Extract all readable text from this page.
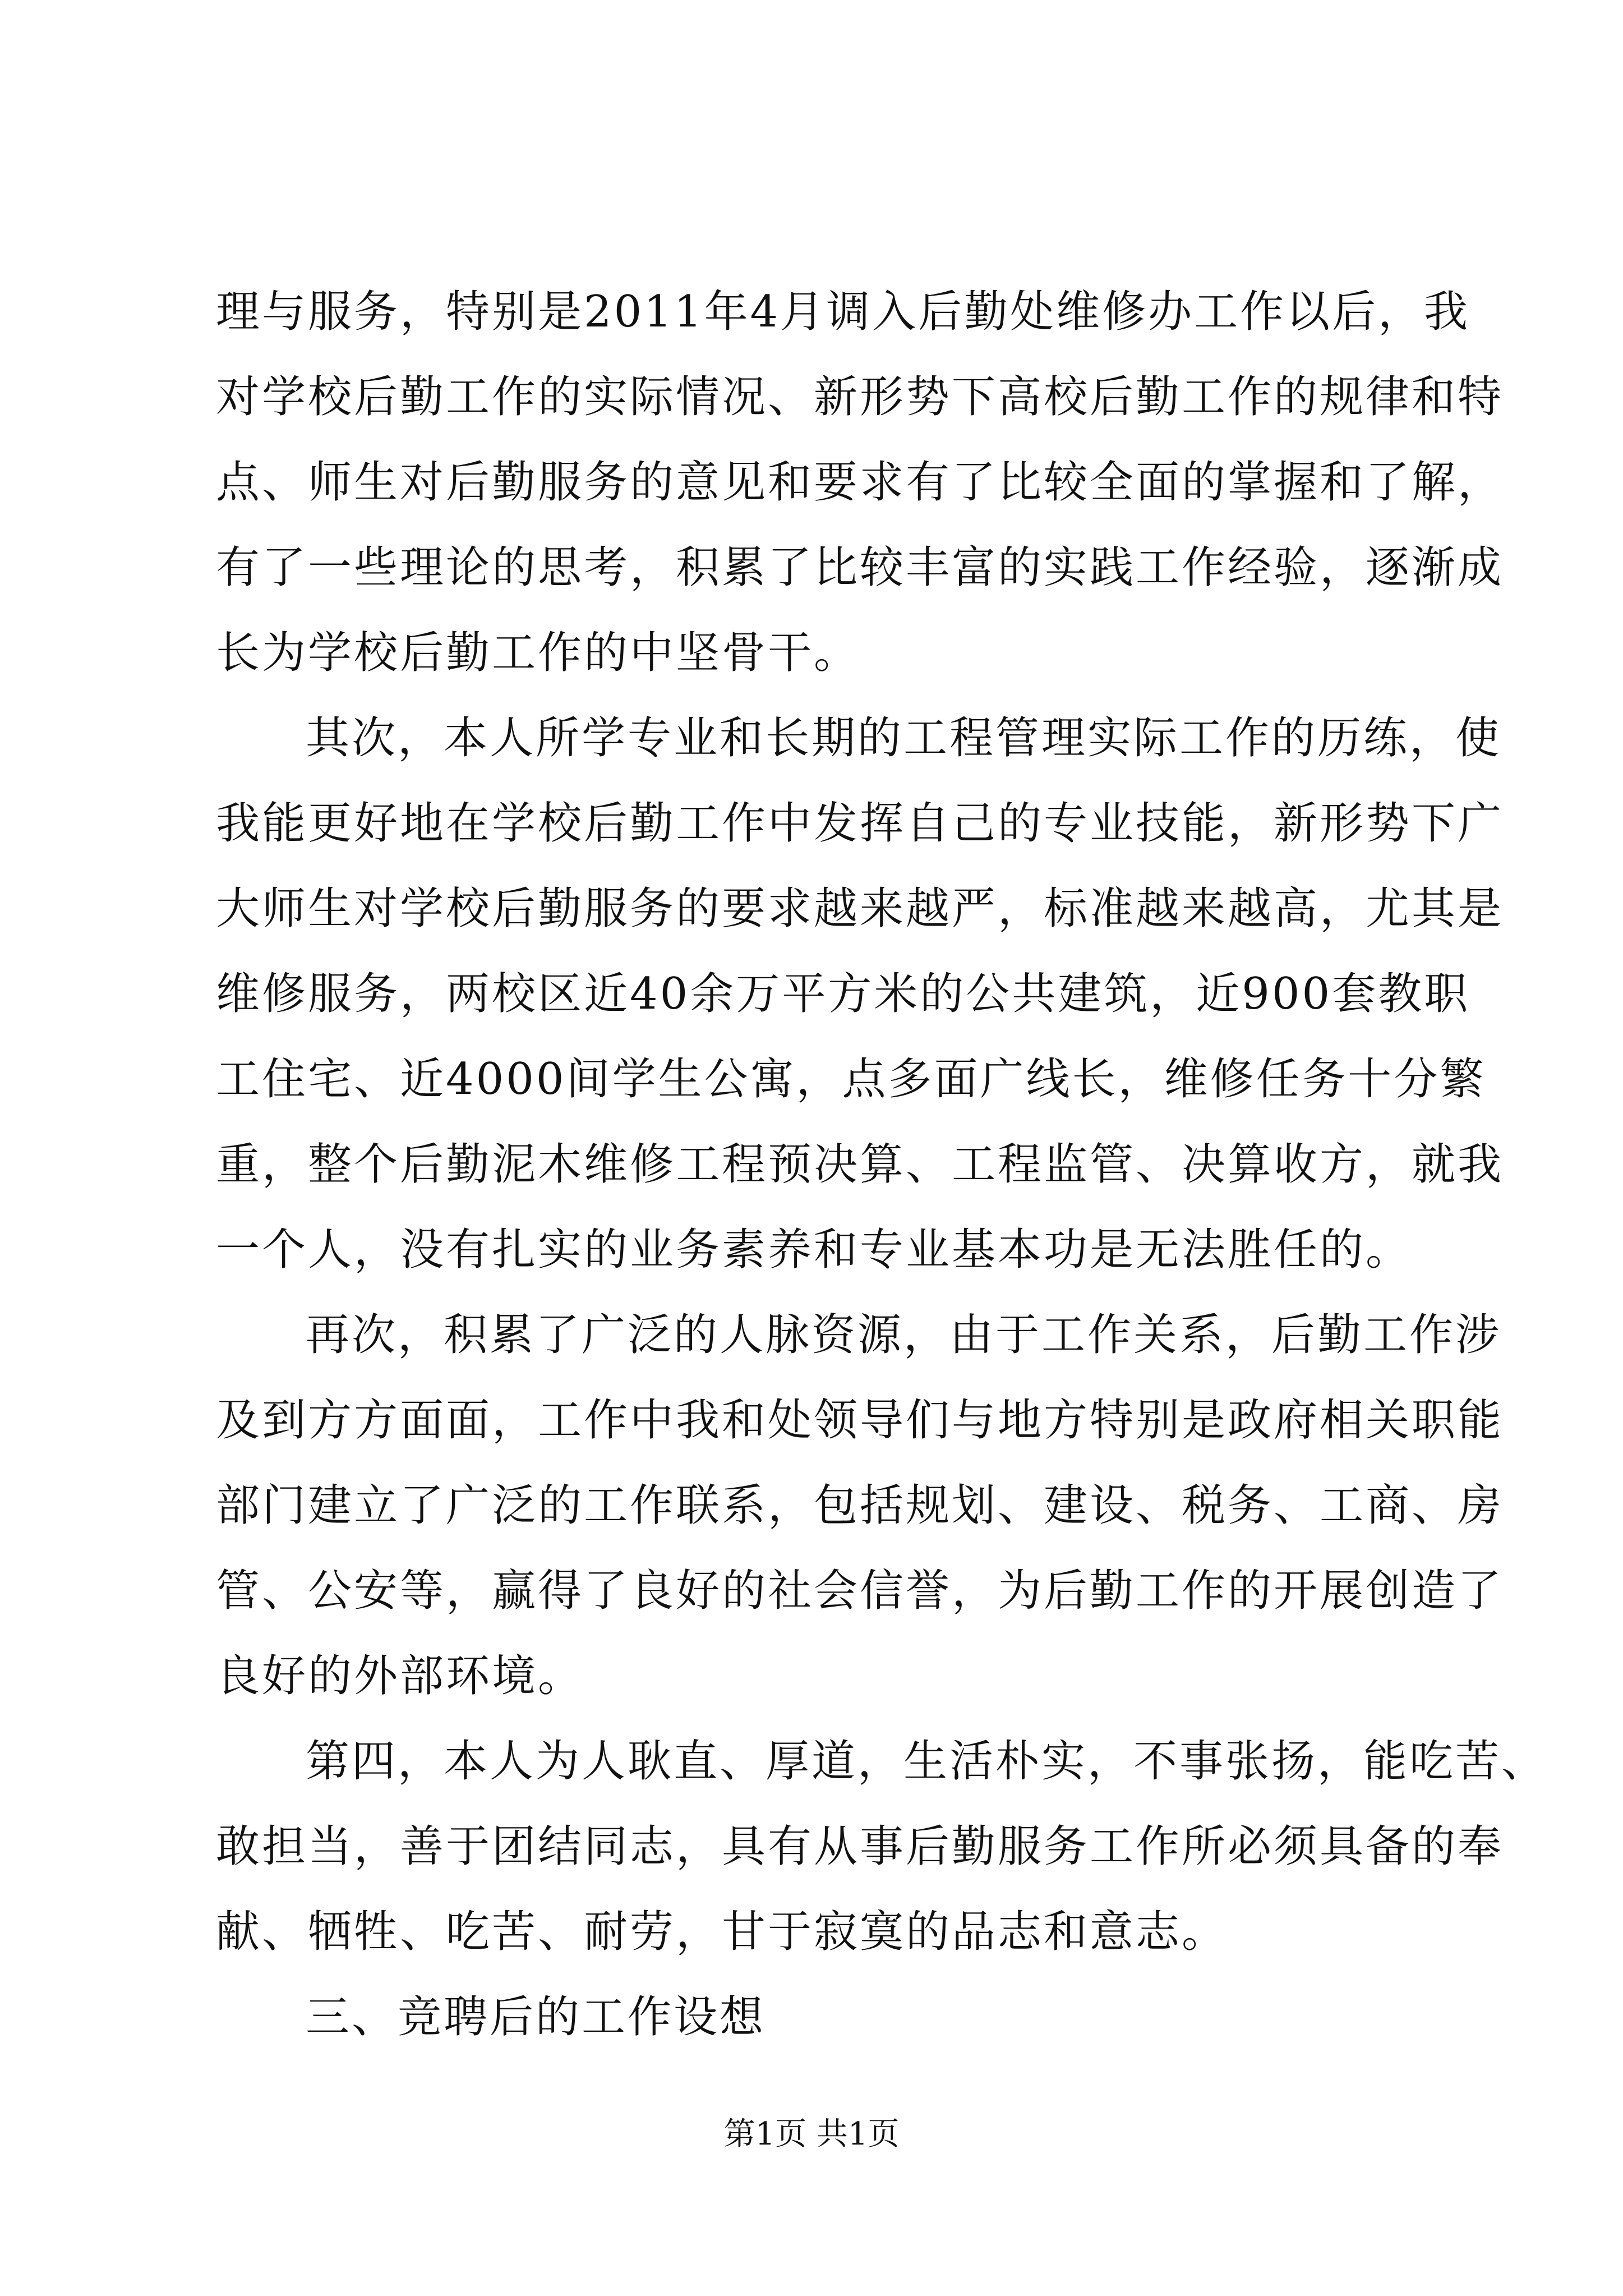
理与服务，特别是2011年4月调入后勤处维修办工作以后，我
对学校后勤工作的实际情况、新形势下高校后勤工作的规律和特
点、师生对后勤服务的意见和要求有了比较全面的掌握和了解，
有了一些理论的思考，积累了比较丰富的实践工作经验，逐渐成
长为学校后勤工作的中坚骨干。
其次，本人所学专业和长期的工程管理实际工作的历练，使
我能更好地在学校后勤工作中发挥自己的专业技能，新形势下广
大师生对学校后勤服务的要求越来越严，标准越来越高，尤其是
维修服务，两校区近40余万平方米的公共建筑，近900套教职
工住宅、近4000间学生公寓，点多面广线长，维修任务十分繁
重，整个后勤泥木维修工程预决算、工程监管、决算收方，就我
一个人，没有扎实的业务素养和专业基本功是无法胜任的。
再次，积累了广泛的人脉资源，由于工作关系，后勤工作涉
及到方方面面，工作中我和处领导们与地方特别是政府相关职能
部门建立了广泛的工作联系，包括规划、建设、税务、工商、房
管、公安等，赢得了良好的社会信誉，为后勤工作的开展创造了
良好的外部环境。
第四，本人为人耿直、厚道，生活朴实，不事张扬，能吃苦、
敢担当，善于团结同志，具有从事后勤服务工作所必须具备的奉
献、牺牲、吃苦、耐劳，甘于寂寞的品志和意志。
三、竞聘后的工作设想
第1页 共1页
